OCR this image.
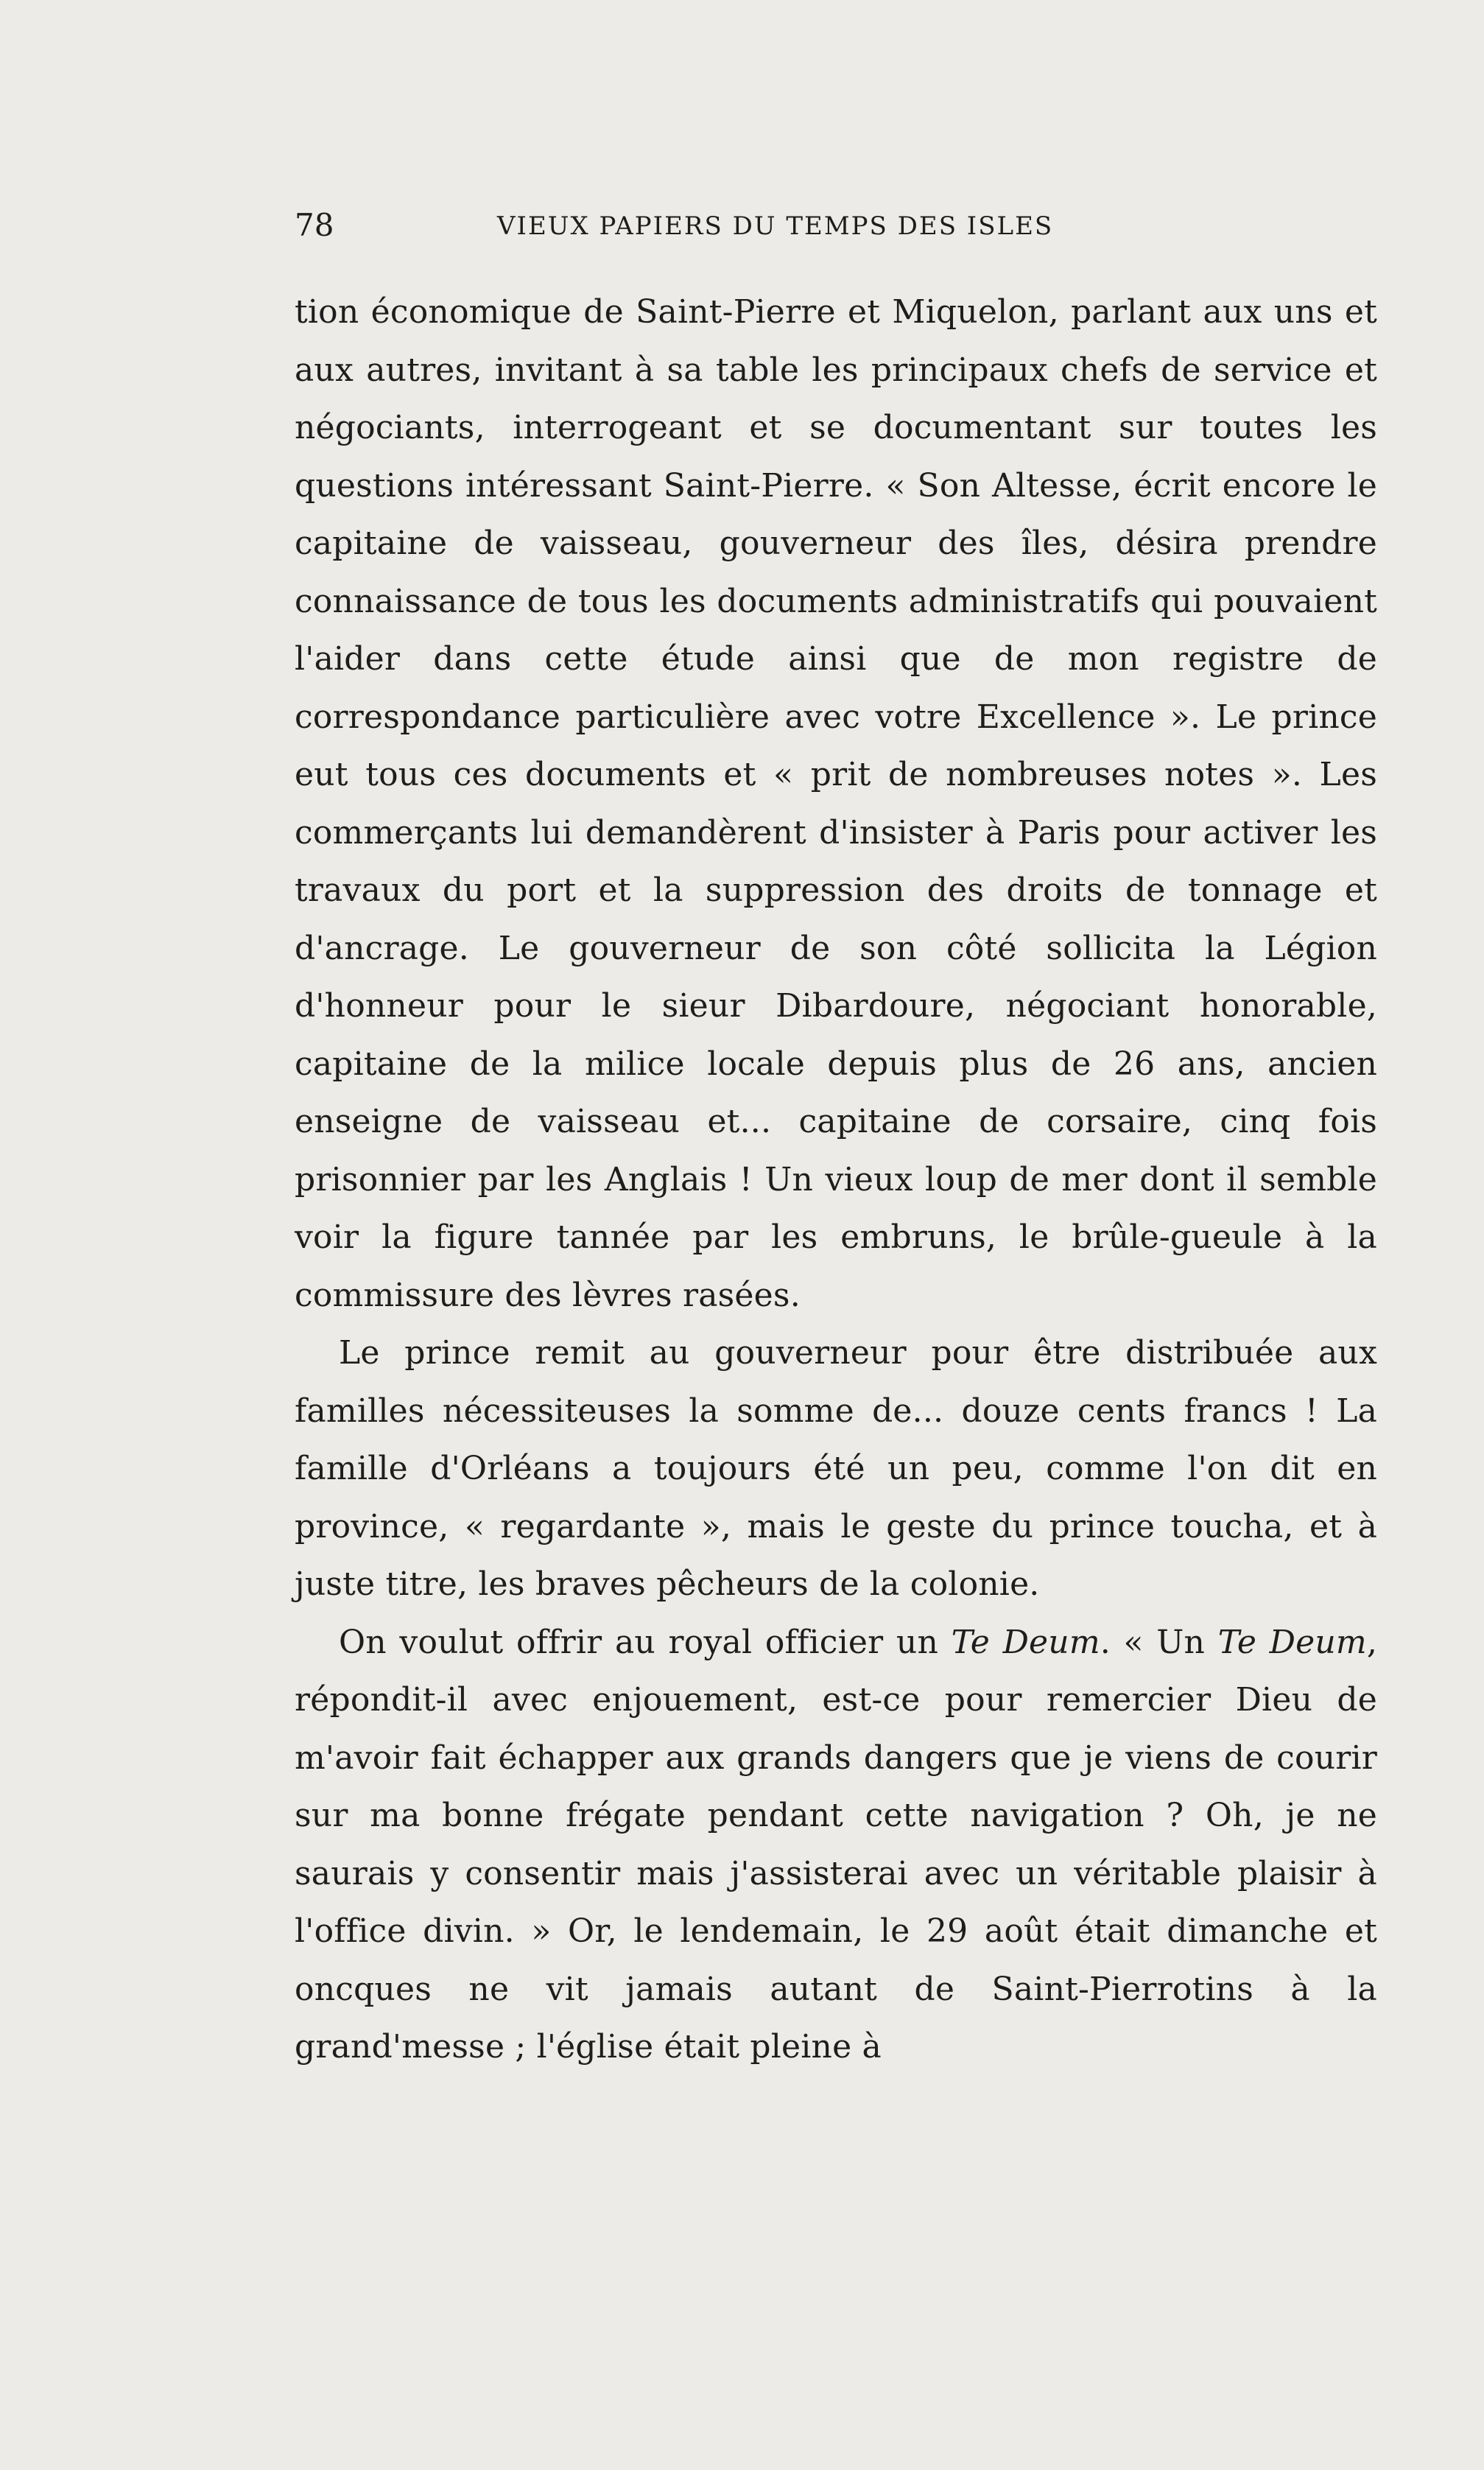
78	VIEUX PAPIERS DU TEMPS DES ISLES

tion économique de Saint-Pierre et Miquelon, parlant aux uns et aux autres, invitant à sa table les principaux chefs de service et négociants, interrogeant et se documentant sur toutes les questions intéressant Saint-Pierre. « Son Altesse, écrit encore le capitaine de vaisseau, gouverneur des îles, désira prendre connaissance de tous les documents administratifs qui pouvaient l'aider dans cette étude ainsi que de mon registre de correspondance particulière avec votre Excellence ». Le prince eut tous ces documents et « prit de nombreuses notes ». Les commerçants lui demandèrent d'insister à Paris pour activer les travaux du port et la suppression des droits de tonnage et d'ancrage. Le gouverneur de son côté sollicita la Légion d'honneur pour le sieur Dibardoure, négociant honorable, capitaine de la milice locale depuis plus de 26 ans, ancien enseigne de vaisseau et... capitaine de corsaire, cinq fois prisonnier par les Anglais ! Un vieux loup de mer dont il semble voir la figure tannée par les embruns, le brûle-gueule à la commissure des lèvres rasées.

Le prince remit au gouverneur pour être distribuée aux familles nécessiteuses la somme de... douze cents francs ! La famille d'Orléans a toujours été un peu, comme l'on dit en province, « regardante », mais le geste du prince toucha, et à juste titre, les braves pêcheurs de la colonie.

On voulut offrir au royal officier un Te Deum. « Un Te Deum, répondit-il avec enjouement, est-ce pour remercier Dieu de m'avoir fait échapper aux grands dangers que je viens de courir sur ma bonne frégate pendant cette navigation ? Oh, je ne saurais y consentir mais j'assisterai avec un véritable plaisir à l'office divin. » Or, le lendemain, le 29 août était dimanche et oncques ne vit jamais autant de Saint-Pierrotins à la grand'messe ; l'église était pleine à
